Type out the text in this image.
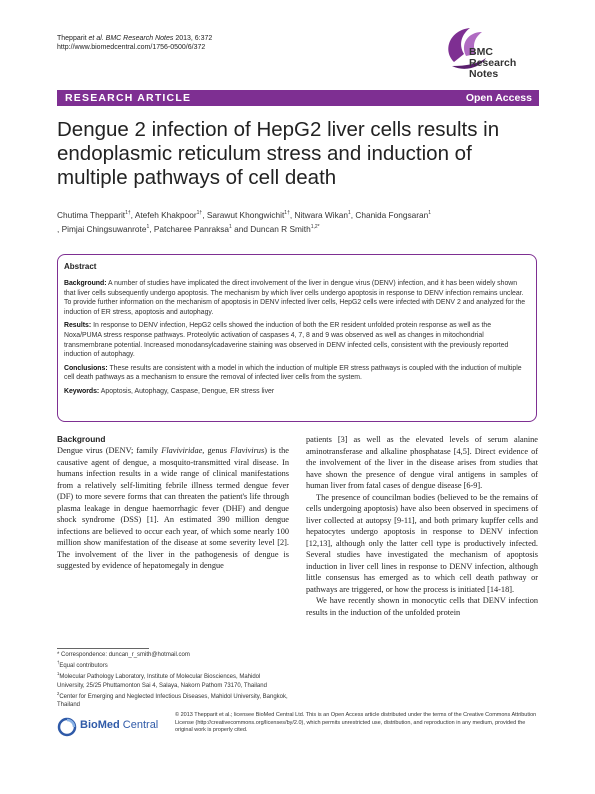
Thepparit et al. BMC Research Notes 2013, 6:372
http://www.biomedcentral.com/1756-0500/6/372	BMC
Research Notes
RESEARCH ARTICLE	Open Access
Dengue 2 infection of HepG2 liver cells results in endoplasmic reticulum stress and induction of multiple pathways of cell death
Chutima Thepparit$^{1\dagger}$, Atefeh Khakpoor$^{1\dagger}$, Sarawut Khongwichit$^{1\dagger}$, Nitwara Wikan$^1$, Chanida Fongsaran$^1$
, Pimjai Chingsuwanrote$^1$, Patcharee Panraksa$^1$ and Duncan R Smith$^{1,2*}$
Abstract

Background: A number of studies have implicated the direct involvement of the liver in dengue virus (DENV) infection, and it has been widely shown that liver cells subsequently undergo apoptosis. The mechanism by which liver cells undergo apoptosis in response to DENV infection remains unclear. To provide further information on the mechanism of apoptosis in DENV infected liver cells, HepG2 cells were infected with DENV 2 and analyzed for the induction of ER stress, apoptosis and autophagy.

Results: In response to DENV infection, HepG2 cells showed the induction of both the ER resident unfolded protein response as well as the Noxa/PUMA stress response pathways. Proteolytic activation of caspases 4, 7, 8 and 9 was observed as well as changes in mitochondrial transmembrane potential. Increased monodansylcadaverine staining was observed in DENV infected cells, consistent with the previously reported induction of autophagy.

Conclusions: These results are consistent with a model in which the induction of multiple ER stress pathways is coupled with the induction of multiple cell death pathways as a mechanism to ensure the removal of infected liver cells from the system.

Keywords: Apoptosis, Autophagy, Caspase, Dengue, ER stress liver

Background

Dengue virus (DENV; family Flaviviridae, genus Flavivirus) is the causative agent of dengue, a mosquito-transmitted viral disease. In humans infection results in a wide range of clinical manifestations from a relatively self-limiting febrile illness termed dengue fever (DF) to more severe forms that can threaten the patient's life through plasma leakage in dengue haemorrhagic fever (DHF) and dengue shock syndrome (DSS) [1]. An estimated 390 million dengue infections are believed to occur each year, of which some nearly 100 million show manifestation of the disease at some severity level [2]. The involvement of the liver in the pathogenesis of dengue is suggested by evidence of hepatomegaly in dengue

patients [3] as well as the elevated levels of serum alanine aminotransferase and alkaline phosphatase [4,5]. Direct evidence of the involvement of the liver in the disease arises from studies that have shown the presence of dengue viral antigens in samples of human liver from fatal cases of dengue disease [6-9].

The presence of councilman bodies (believed to be the remains of cells undergoing apoptosis) have also been observed in specimens of liver collected at autopsy [9-11], and both primary kupffer cells and hepatocytes undergo apoptosis in response to DENV infection [12,13], although only the latter cell type is productively infected. Several studies have investigated the mechanism of apoptosis induction in liver cell lines in response to DENV infection, although little consensus has emerged as to which cell death pathway or pathways are triggered, or how the process is initiated [14-18].

We have recently shown in monocytic cells that DENV infection results in the induction of the unfolded protein

* Correspondence: duncan_r_smith@hotmail.com
†Equal contributors
$^1$Molecular Pathology Laboratory, Institute of Molecular Biosciences, Mahidol University, 25/25 Phuttamonton Sai 4, Salaya, Nakorn Pathom 73170, Thailand
$^2$Center for Emerging and Neglected Infectious Diseases, Mahidol University, Bangkok, Thailand
BioMed Central
© 2013 Thepparit et al.; licensee BioMed Central Ltd. This is an Open Access article distributed under the terms of the Creative Commons Attribution License (http://creativecommons.org/licenses/by/2.0), which permits unrestricted use, distribution, and reproduction in any medium, provided the original work is properly cited.
